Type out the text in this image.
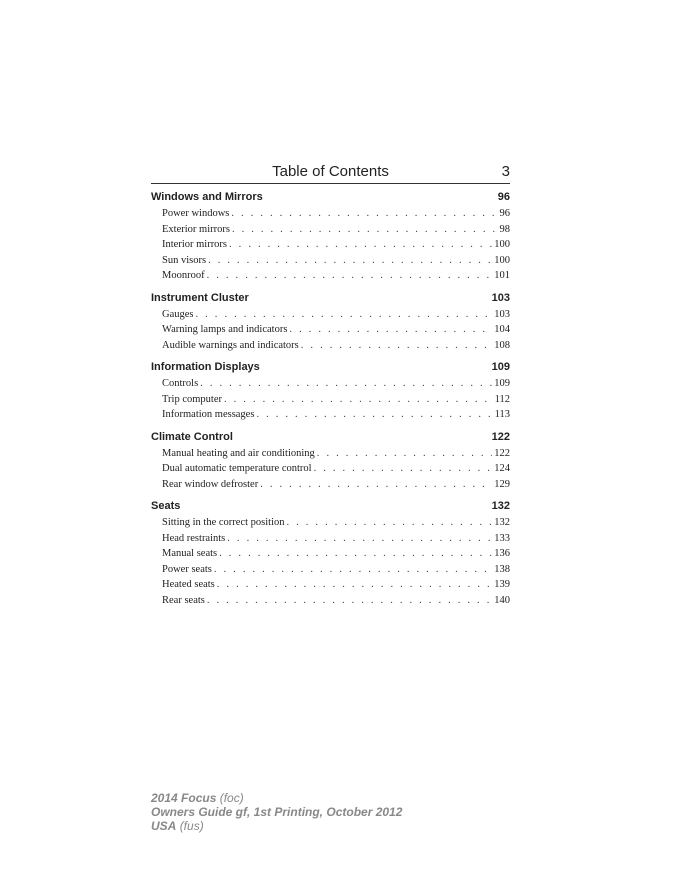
Table of Contents	3
Windows and Mirrors	96
Power windows . . .	96
Exterior mirrors . . .	98
Interior mirrors . . .	100
Sun visors . . .	100
Moonroof . . .	101
Instrument Cluster	103
Gauges . . .	103
Warning lamps and indicators . . .	104
Audible warnings and indicators . . .	108
Information Displays	109
Controls . . .	109
Trip computer . . .	112
Information messages . . .	113
Climate Control	122
Manual heating and air conditioning . . .	122
Dual automatic temperature control . . .	124
Rear window defroster . . .	129
Seats	132
Sitting in the correct position . . .	132
Head restraints . . .	133
Manual seats . . .	136
Power seats . . .	138
Heated seats . . .	139
Rear seats . . .	140
2014 Focus (foc)
Owners Guide gf, 1st Printing, October 2012
USA (fus)
